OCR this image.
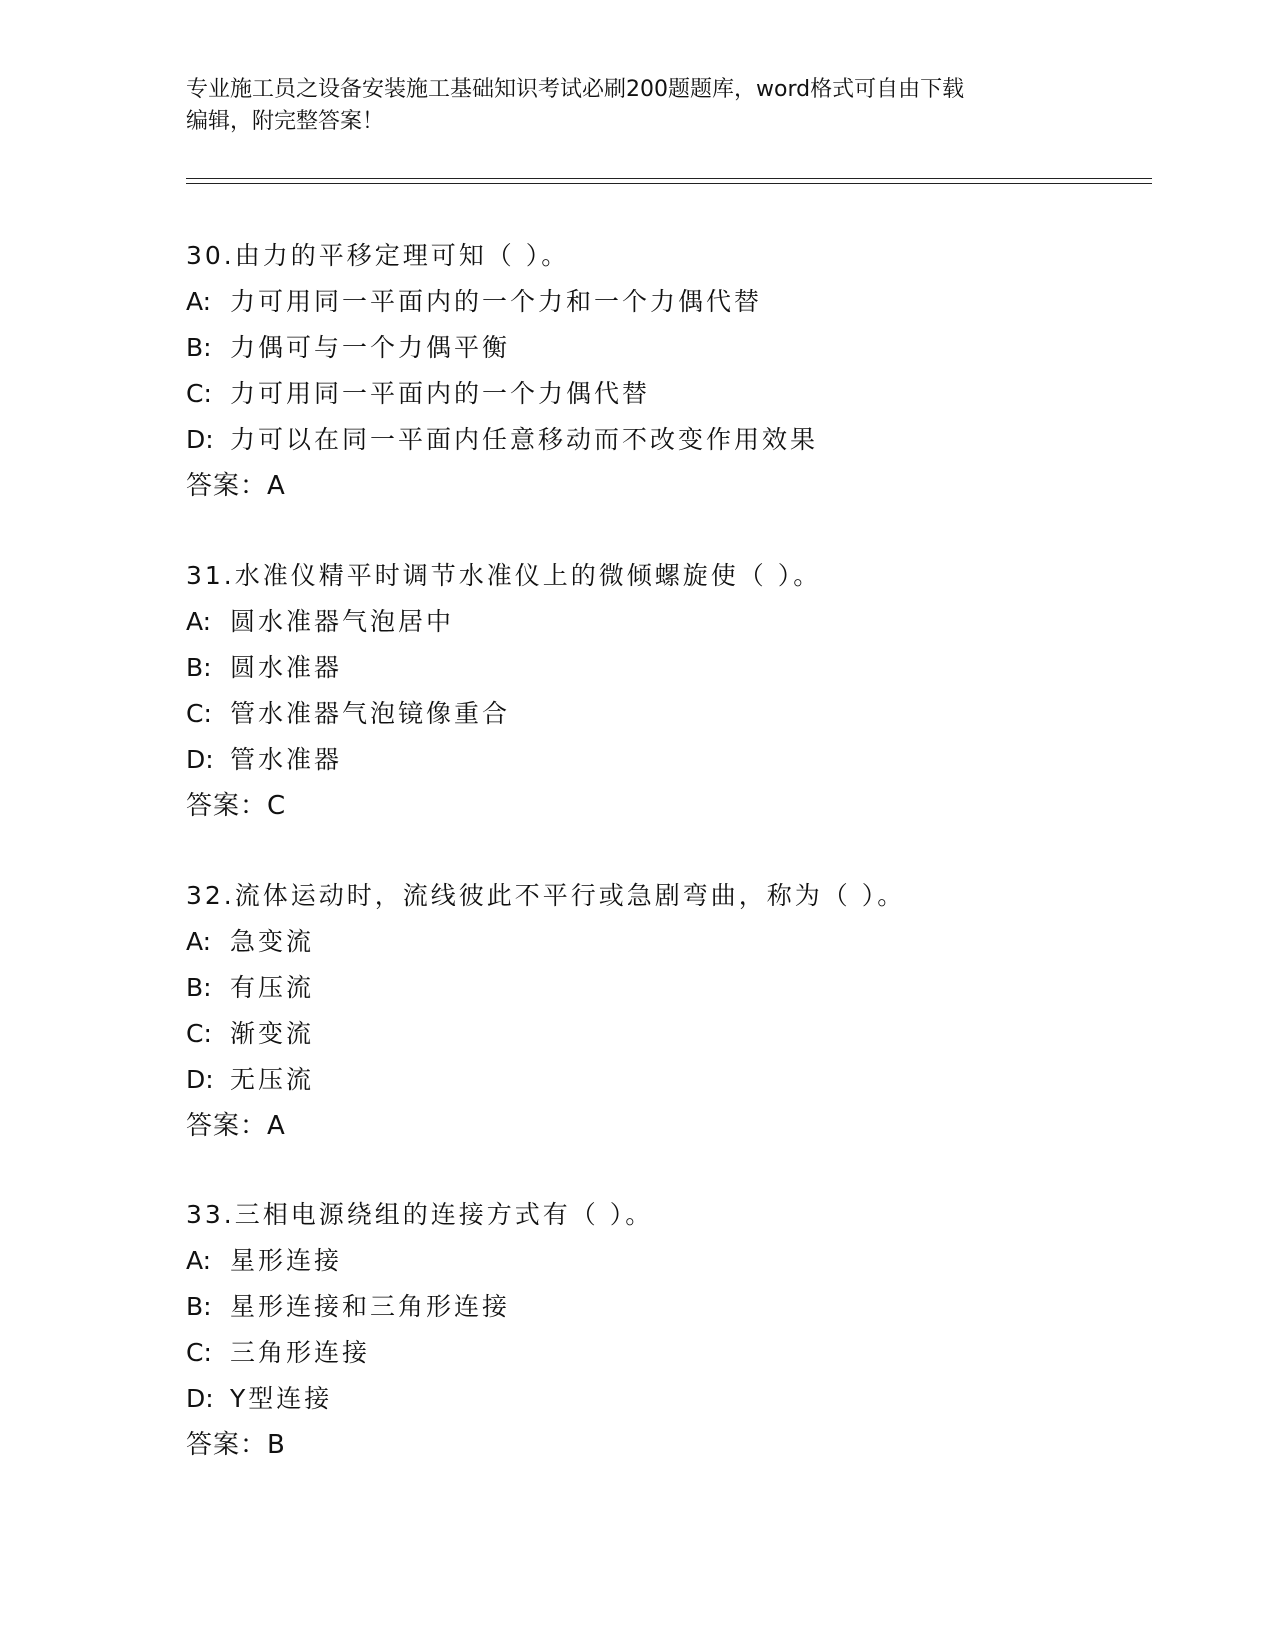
专业施工员之设备安装施工基础知识考试必刷200题题库，word格式可自由下载
编辑，附完整答案！
30.由力的平移定理可知（ ）。
A: 力可用同一平面内的一个力和一个力偶代替
B: 力偶可与一个力偶平衡
C: 力可用同一平面内的一个力偶代替
D: 力可以在同一平面内任意移动而不改变作用效果
答案：A
31.水准仪精平时调节水准仪上的微倾螺旋使（ ）。
A: 圆水准器气泡居中
B: 圆水准器
C: 管水准器气泡镜像重合
D: 管水准器
答案：C
32.流体运动时，流线彼此不平行或急剧弯曲，称为（ ）。
A: 急变流
B: 有压流
C: 渐变流
D: 无压流
答案：A
33.三相电源绕组的连接方式有（ ）。
A: 星形连接
B: 星形连接和三角形连接
C: 三角形连接
D: Y型连接
答案：B
